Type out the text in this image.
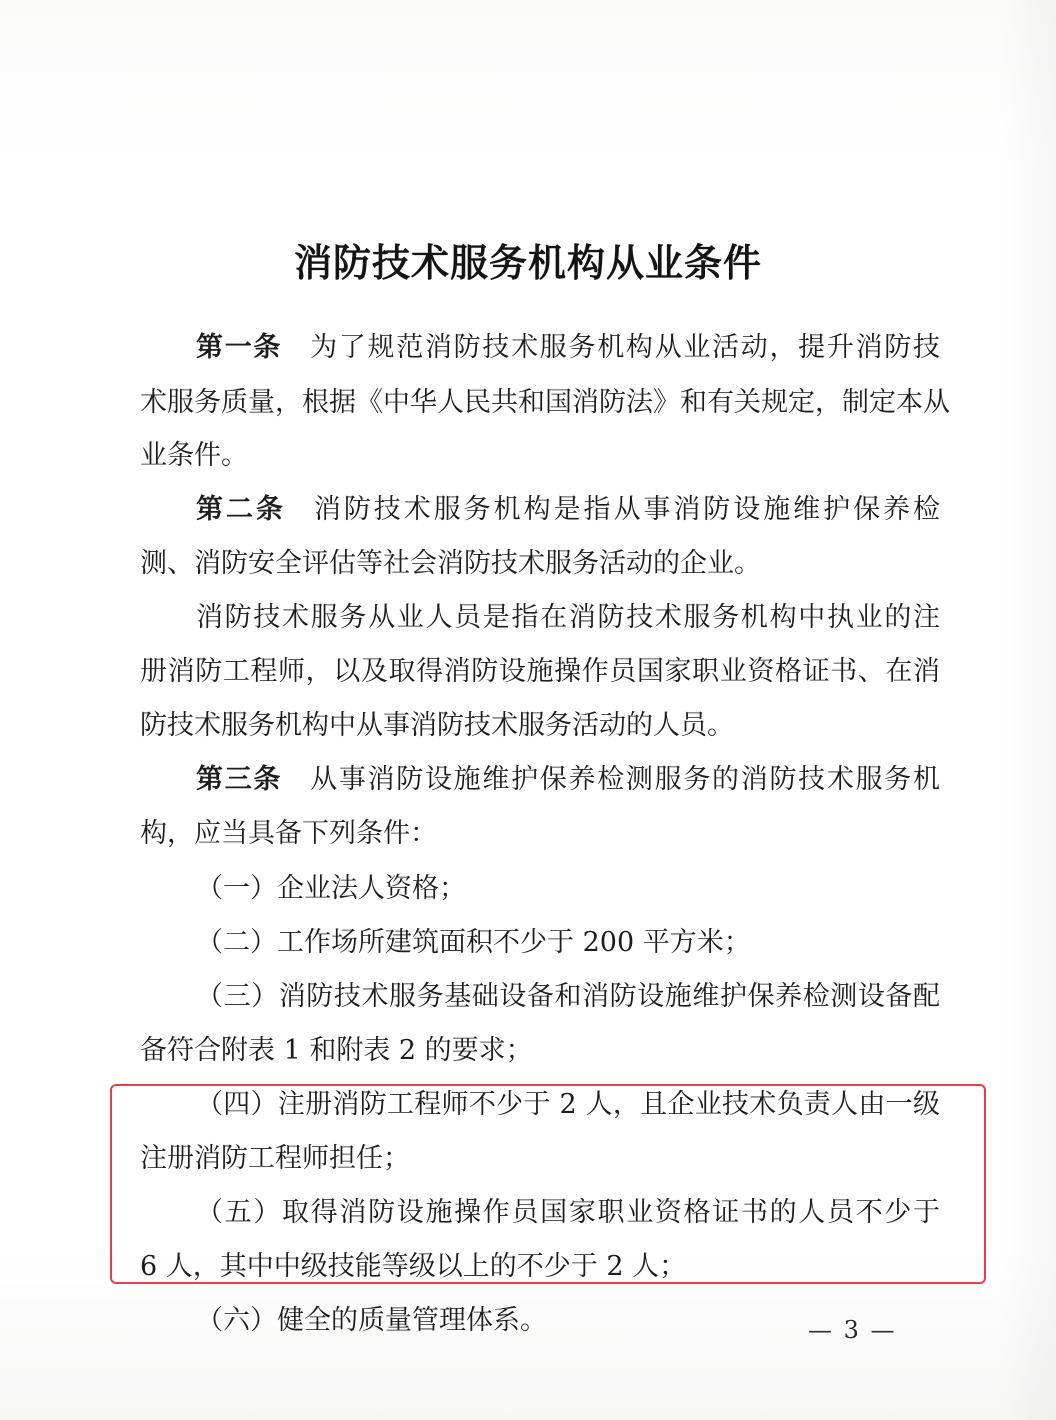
消防技术服务机构从业条件
第一条 为了规范消防技术服务机构从业活动，提升消防技
术服务质量，根据《中华人民共和国消防法》和有关规定，制定本从
业条件。
第二条 消防技术服务机构是指从事消防设施维护保养检
测、消防安全评估等社会消防技术服务活动的企业。
消防技术服务从业人员是指在消防技术服务机构中执业的注
册消防工程师，以及取得消防设施操作员国家职业资格证书、在消
防技术服务机构中从事消防技术服务活动的人员。
第三条 从事消防设施维护保养检测服务的消防技术服务机
构，应当具备下列条件：
（一）企业法人资格；
（二）工作场所建筑面积不少于 200 平方米；
（三）消防技术服务基础设备和消防设施维护保养检测设备配
备符合附表 1 和附表 2 的要求；
（四）注册消防工程师不少于 2 人，且企业技术负责人由一级
注册消防工程师担任；
（五）取得消防设施操作员国家职业资格证书的人员不少于
6 人，其中中级技能等级以上的不少于 2 人；
（六）健全的质量管理体系。	— 3 —
